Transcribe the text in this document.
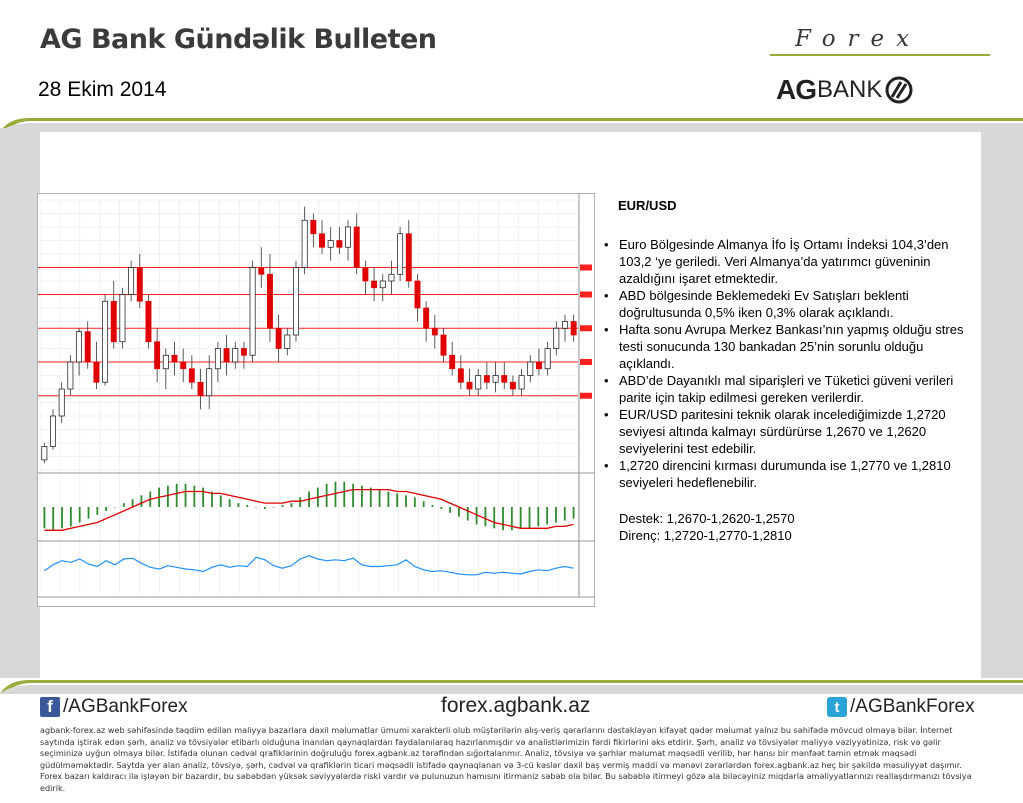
AG Bank Gündəlik Bulleten
28 Ekim 2014
Forex
AG BANK
EUR/USD
• Euro Bölgesinde Almanya İfo İş Ortamı İndeksi 104,3’den 103,2 ‘ye geriledi. Veri Almanya’da yatırımcı güveninin azaldığını işaret etmektedir.
• ABD bölgesinde Beklemedeki Ev Satışları beklenti doğrultusunda 0,5% iken 0,3% olarak açıklandı.
• Hafta sonu Avrupa Merkez Bankası’nın yapmış olduğu stres testi sonucunda 130 bankadan 25’nin sorunlu olduğu açıklandı.
• ABD’de Dayanıklı mal siparişleri ve Tüketici güveni verileri parite için takip edilmesi gereken verilerdir.
• EUR/USD paritesini teknik olarak incelediğimizde 1,2720 seviyesi altında kalmayı sürdürürse 1,2670 ve 1,2620 seviyelerini test edebilir.
• 1,2720 direncini kırması durumunda ise 1,2770 ve 1,2810 seviyeleri hedeflenebilir.
Destek: 1,2670-1,2620-1,2570
Direnç: 1,2720-1,2770-1,2810
f /AGBankForex	forex.agbank.az	t /AGBankForex
agbank-forex.az web səhifəsində təqdim edilən maliyyə bazarlara daxil məlumatlar ümumi xarakterli olub müştərilərin alış-veriş qərarlarını dəstəkləyən kifayət qədər məlumat yalnız bu səhifədə mövcud olmaya bilər. İnternet saytında iştirak edən şərh, analiz və tövsiyələr etibarlı olduğuna inanılan qaynaqlardan faydalanılaraq hazırlanmışdır və analistlərimizin fərdi fikirlərini əks etdirir. Şərh, analiz və tövsiyələr maliyyə vəziyyətinizə, risk və gəlir seçiminizə uyğun olmaya bilər. İstifadə olunan cədvəl qrafiklərinin doğruluğu forex.agbank.az tərəfindən sığortalanmır. Analiz, tövsiyə və şərhlər məlumat məqsədli verilib, hər hansı bir mənfəət təmin etmək məqsədi güdülməməktədir. Saytda yer alan analiz, tövsiyə, şərh, cədvəl və qrafiklərin ticari məqsədli istifadə qaynaqlanan və 3-cü kəslər daxil baş vermiş maddi və mənəvi zərərlərdən forex.agbank.az heç bir şəkildə məsuliyyət daşımır. Forex bazarı kaldıracı ilə işləyən bir bazardır, bu səbəbdən yüksək səviyyələrdə riski vardır və pulunuzun hamısını itirməniz səbəb ola bilər. Bu səbəblə itirmeyi gözə ala biləcəyiniz miqdarla əməliyyatlarınızı reallaşdırmanızı tövsiyə edirik.
